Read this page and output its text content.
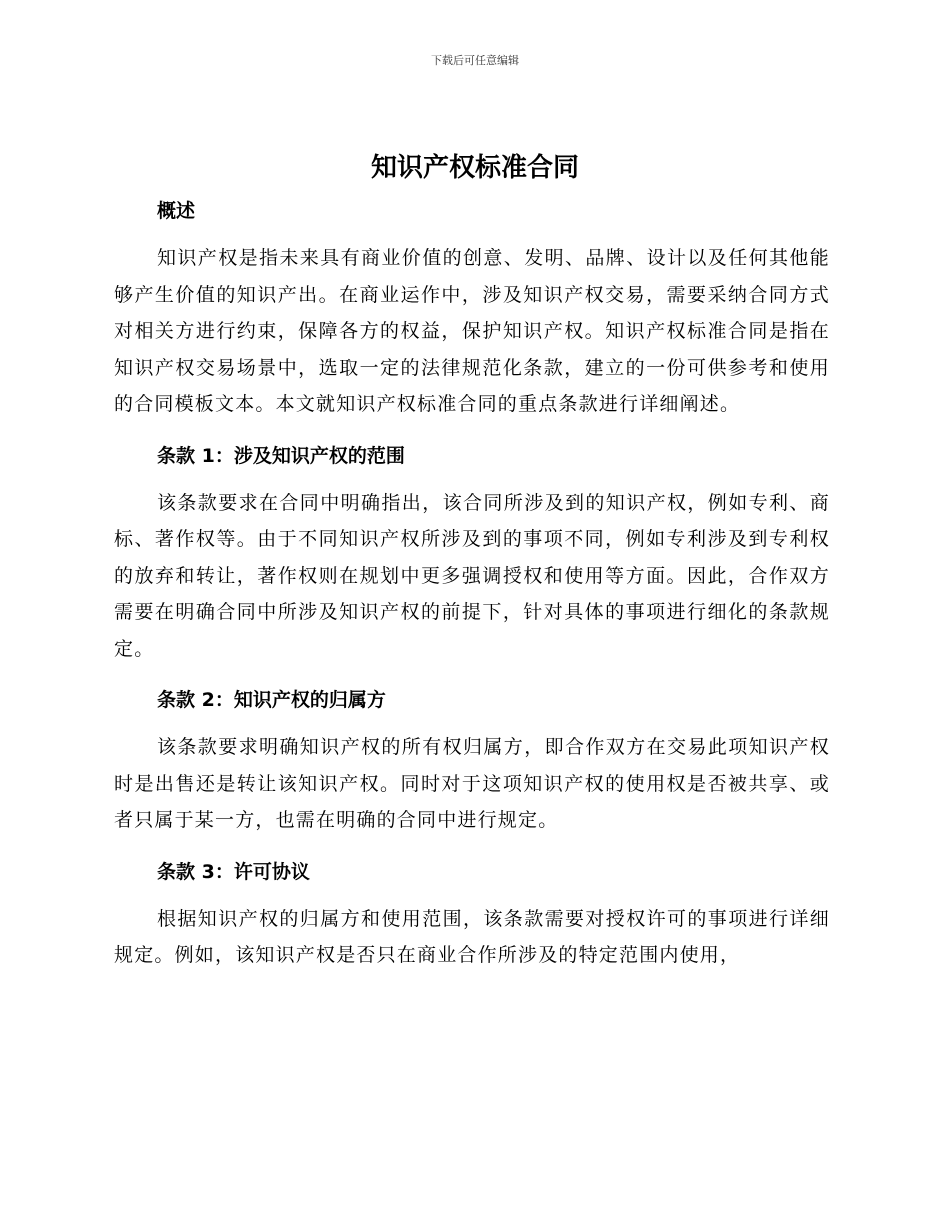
下载后可任意编辑
知识产权标准合同
概述

知识产权是指未来具有商业价值的创意、发明、品牌、设计以及任何其他能够产生价值的知识产出。在商业运作中，涉及知识产权交易，需要采纳合同方式对相关方进行约束，保障各方的权益，保护知识产权。知识产权标准合同是指在知识产权交易场景中，选取一定的法律规范化条款，建立的一份可供参考和使用的合同模板文本。本文就知识产权标准合同的重点条款进行详细阐述。

条款 1：涉及知识产权的范围

该条款要求在合同中明确指出，该合同所涉及到的知识产权，例如专利、商标、著作权等。由于不同知识产权所涉及到的事项不同，例如专利涉及到专利权的放弃和转让，著作权则在规划中更多强调授权和使用等方面。因此，合作双方需要在明确合同中所涉及知识产权的前提下，针对具体的事项进行细化的条款规定。

条款 2：知识产权的归属方

该条款要求明确知识产权的所有权归属方，即合作双方在交易此项知识产权时是出售还是转让该知识产权。同时对于这项知识产权的使用权是否被共享、或者只属于某一方，也需在明确的合同中进行规定。

条款 3：许可协议

根据知识产权的归属方和使用范围，该条款需要对授权许可的事项进行详细规定。例如，该知识产权是否只在商业合作所涉及的特定范围内使用，
